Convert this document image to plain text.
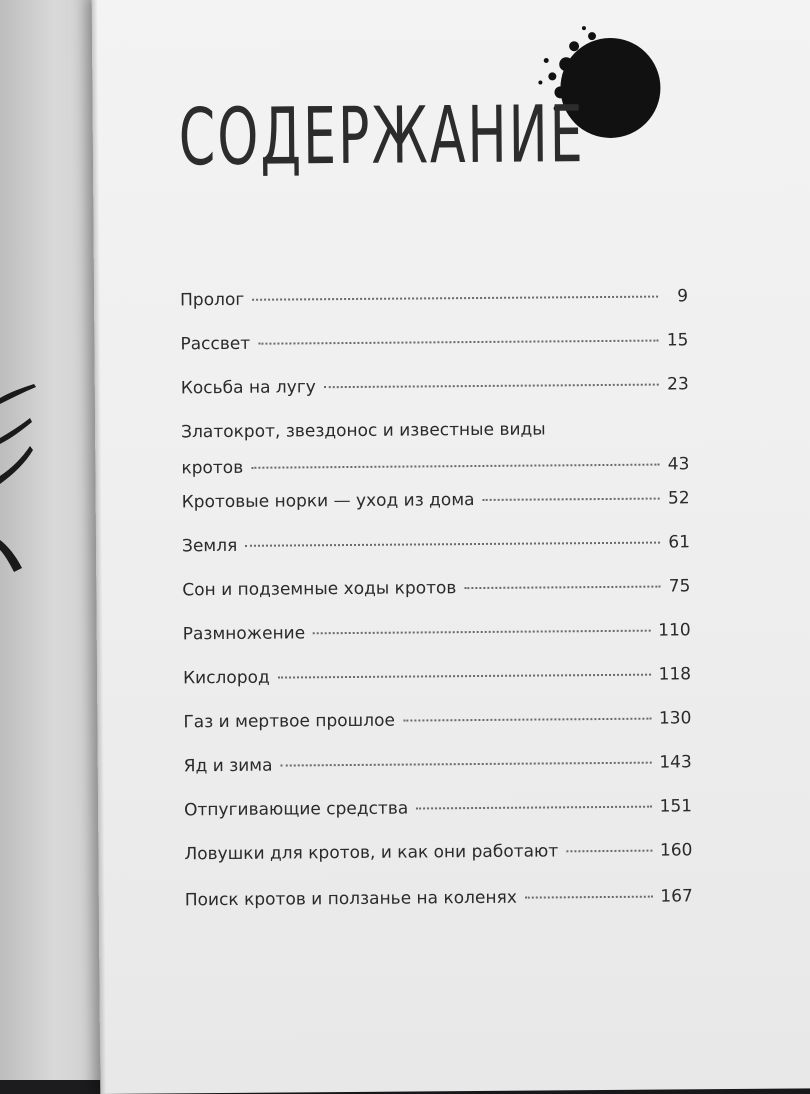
СОДЕРЖАНИЕ
Пролог	9
Рассвет	15
Косьба на лугу	23
Златокрот, звездонос и известные виды
кротов	43
Кротовые норки — уход из дома	52
Земля	61
Сон и подземные ходы кротов	75
Размножение	110
Кислород	118
Газ и мертвое прошлое	130
Яд и зима	143
Отпугивающие средства	151
Ловушки для кротов, и как они работают	160
Поиск кротов и ползанье на коленях	167
